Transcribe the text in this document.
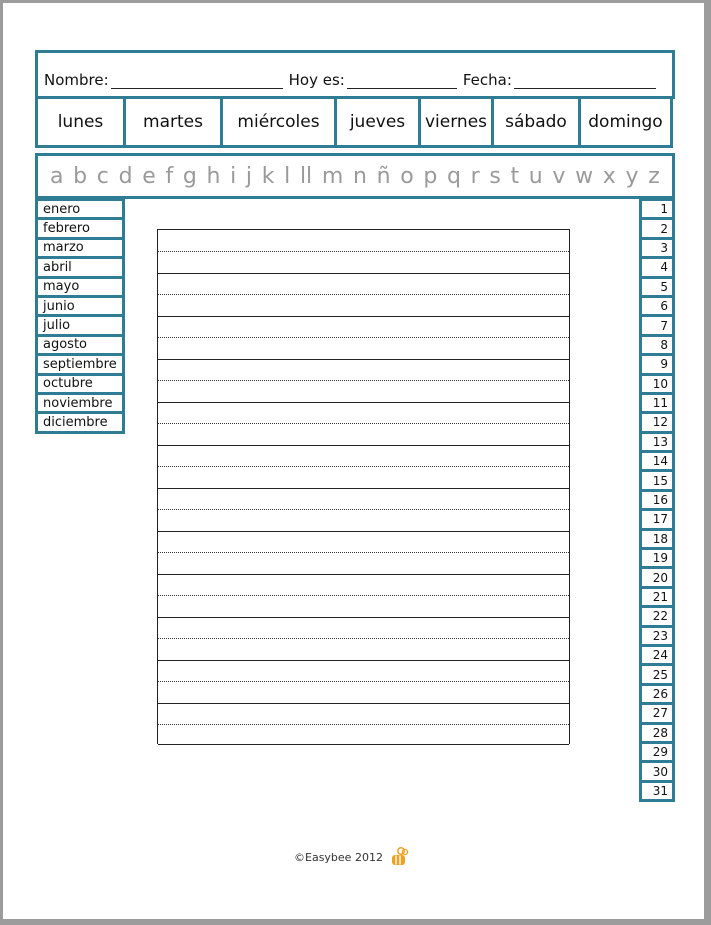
Nombre:	Hoy es:	Fecha:
lunes	martes	miércoles	jueves	viernes	sábado	domingo
a b c d e f g h i j k l ll m n ñ o p q r s t u v w x y z
enero
febrero
marzo
abril
mayo
junio
julio
agosto
septiembre
octubre
noviembre
diciembre
1
2
3
4
5
6
7
8
9
10
11
12
13
14
15
16
17
18
19
20
21
22
23
24
25
26
27
28
29
30
31
©Easybee 2012
